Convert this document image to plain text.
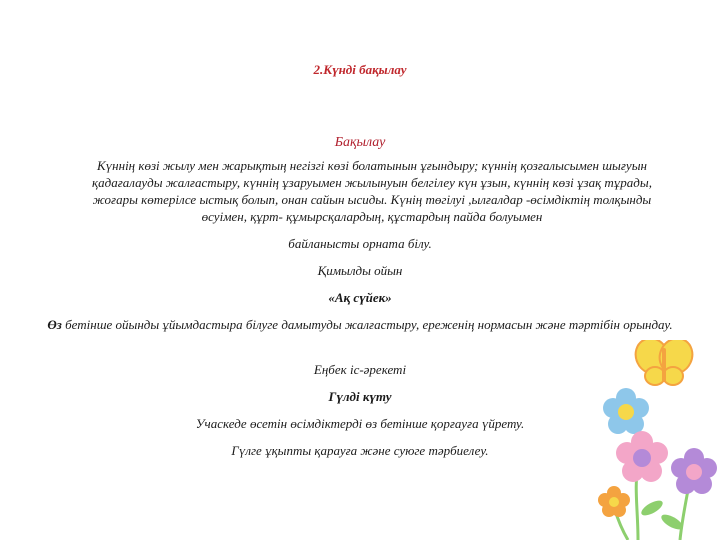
2.Күнді бақылау

Бақылау

Күннің көзі жылу мен жарықтың негізгі көзі болатынын ұғындыру; күннің қозғалысымен шығуын қадағалауды жалғастыру, күннің ұзаруымен жылынуын белгілеу күн ұзын, күннің көзі ұзақ тұрады, жоғары көтерілсе ыстық болып, онан сайын ысиды. Күнің төгілуі ,ылғалдар -өсімдіктің толқынды өсуімен, құрт- құмырсқалардың, құстардың пайда болуымен

байланысты орната білу.

Қимылды ойын

«Ақ сүйек»

Өз бетінше ойынды ұйымдастыра білуге дамытуды жалғастыру, ереженің нормасын және тәртібін орындау.

Еңбек іс-әрекеті

Гүлді күту

Учаскеде өсетін өсімдіктерді өз бетінше қорғауға үйрету.

Гүлге ұқыпты қарауға және суюге тәрбиелеу.
